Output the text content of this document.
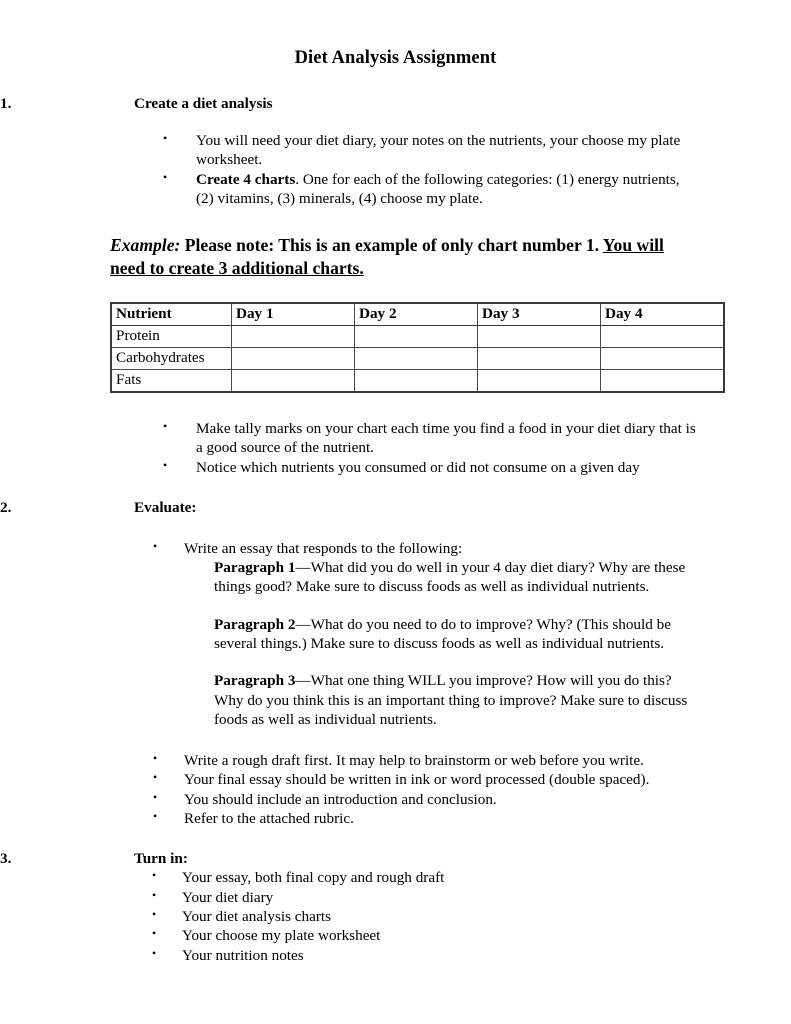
Diet Analysis Assignment
1.	Create a diet analysis
• You will need your diet diary, your notes on the nutrients, your choose my plate worksheet.
• Create 4 charts. One for each of the following categories: (1) energy nutrients, (2) vitamins, (3) minerals, (4) choose my plate.

Example: Please note: This is an example of only chart number 1. You will need to create 3 additional charts.

Nutrient	Day 1	Day 2	Day 3	Day 4
Protein				
Carbohydrates				
Fats				
• Make tally marks on your chart each time you find a food in your diet diary that is a good source of the nutrient.
• Notice which nutrients you consumed or did not consume on a given day
2.	Evaluate:
• Write an essay that responds to the following:

Paragraph 1—What did you do well in your 4 day diet diary? Why are these things good? Make sure to discuss foods as well as individual nutrients.

Paragraph 2—What do you need to do to improve? Why? (This should be several things.) Make sure to discuss foods as well as individual nutrients.

Paragraph 3—What one thing WILL you improve? How will you do this? Why do you think this is an important thing to improve? Make sure to discuss foods as well as individual nutrients.

• Write a rough draft first. It may help to brainstorm or web before you write.
• Your final essay should be written in ink or word processed (double spaced).
• You should include an introduction and conclusion.
• Refer to the attached rubric.
3.	Turn in:
• Your essay, both final copy and rough draft
• Your diet diary
• Your diet analysis charts
• Your choose my plate worksheet
• Your nutrition notes
